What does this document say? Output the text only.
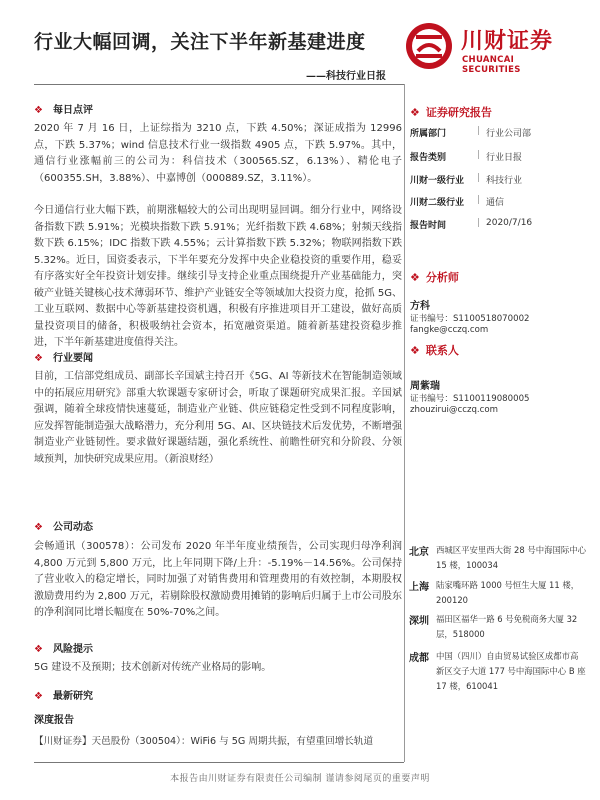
行业大幅回调，关注下半年新基建进度	川财证券
CHUANCAI SECURITIES
——科技行业日报
❖ 每日点评
2020 年 7 月 16 日，上证综指为 3210 点，下跌 4.50%；深证成指为 12996 点，下跌 5.37%；wind 信息技术行业一级指数 4905 点，下跌 5.97%。其中，通信行业涨幅前三的公司为：科信技术（300565.SZ，6.13%）、精伦电子（600355.SH，3.88%）、中嘉博创（000889.SZ，3.11%）。
今日通信行业大幅下跌，前期涨幅较大的公司出现明显回调。细分行业中，网络设备指数下跌 5.91%；光模块指数下跌 5.91%；光纤指数下跌 4.68%；射频天线指数下跌 6.15%；IDC 指数下跌 4.55%；云计算指数下跌 5.32%；物联网指数下跌 5.32%。近日，国资委表示，下半年要充分发挥中央企业稳投资的重要作用，稳妥有序落实好全年投资计划安排。继续引导支持企业重点围绕提升产业基础能力，突破产业链关键核心技术薄弱环节、维护产业链安全等领域加大投资力度，抢抓 5G、工业互联网、数据中心等新基建投资机遇，积极有序推进项目开工建设，做好高质量投资项目的储备，积极吸纳社会资本，拓宽融资渠道。随着新基建投资稳步推进，下半年新基建进度值得关注。
❖ 行业要闻
目前，工信部党组成员、副部长辛国斌主持召开《5G、AI 等新技术在智能制造领域中的拓展应用研究》部重大软课题专家研讨会，听取了课题研究成果汇报。辛国斌强调，随着全球疫情快速蔓延，制造业产业链、供应链稳定性受到不同程度影响，应发挥智能制造强大战略潜力，充分利用 5G、AI、区块链技术后发优势，不断增强制造业产业链韧性。要求做好课题结题，强化系统性、前瞻性研究和分阶段、分领域预判，加快研究成果应用。（新浪财经）
❖ 公司动态
会畅通讯（300578）：公司发布 2020 年半年度业绩预告，公司实现归母净利润 4,800 万元到 5,800 万元，比上年同期下降/上升：-5.19%－14.56%。公司保持了营业收入的稳定增长，同时加强了对销售费用和管理费用的有效控制，本期股权激励费用约为 2,800 万元，若剔除股权激励费用摊销的影响后归属于上市公司股东的净利润同比增长幅度在 50%-70%之间。
❖ 风险提示
5G 建设不及预期；技术创新对传统产业格局的影响。
❖ 最新研究
深度报告
【川财证券】天邑股份（300504）：WiFi6 与 5G 周期共振，有望重回增长轨道
❖ 证券研究报告
所属部门	| 行业公司部
报告类别	| 行业日报
川财一级行业 | 科技行业
川财二级行业 | 通信
报告时间	| 2020/7/16
❖ 分析师
方科
证书编号：S1100518070002
fangke@cczq.com
❖ 联系人
周紫瑞
证书编号：S1100119080005
zhouzirui@cczq.com
北京 西城区平安里西大街 28 号中海国际中心 15 楼，100034
上海 陆家嘴环路 1000 号恒生大厦 11 楼，200120
深圳 福田区福华一路 6 号免税商务大厦 32 层，518000
成都 中国（四川）自由贸易试验区成都市高新区交子大道 177 号中海国际中心 B 座 17 楼，610041
本报告由川财证券有限责任公司编制 谨请参阅尾页的重要声明
